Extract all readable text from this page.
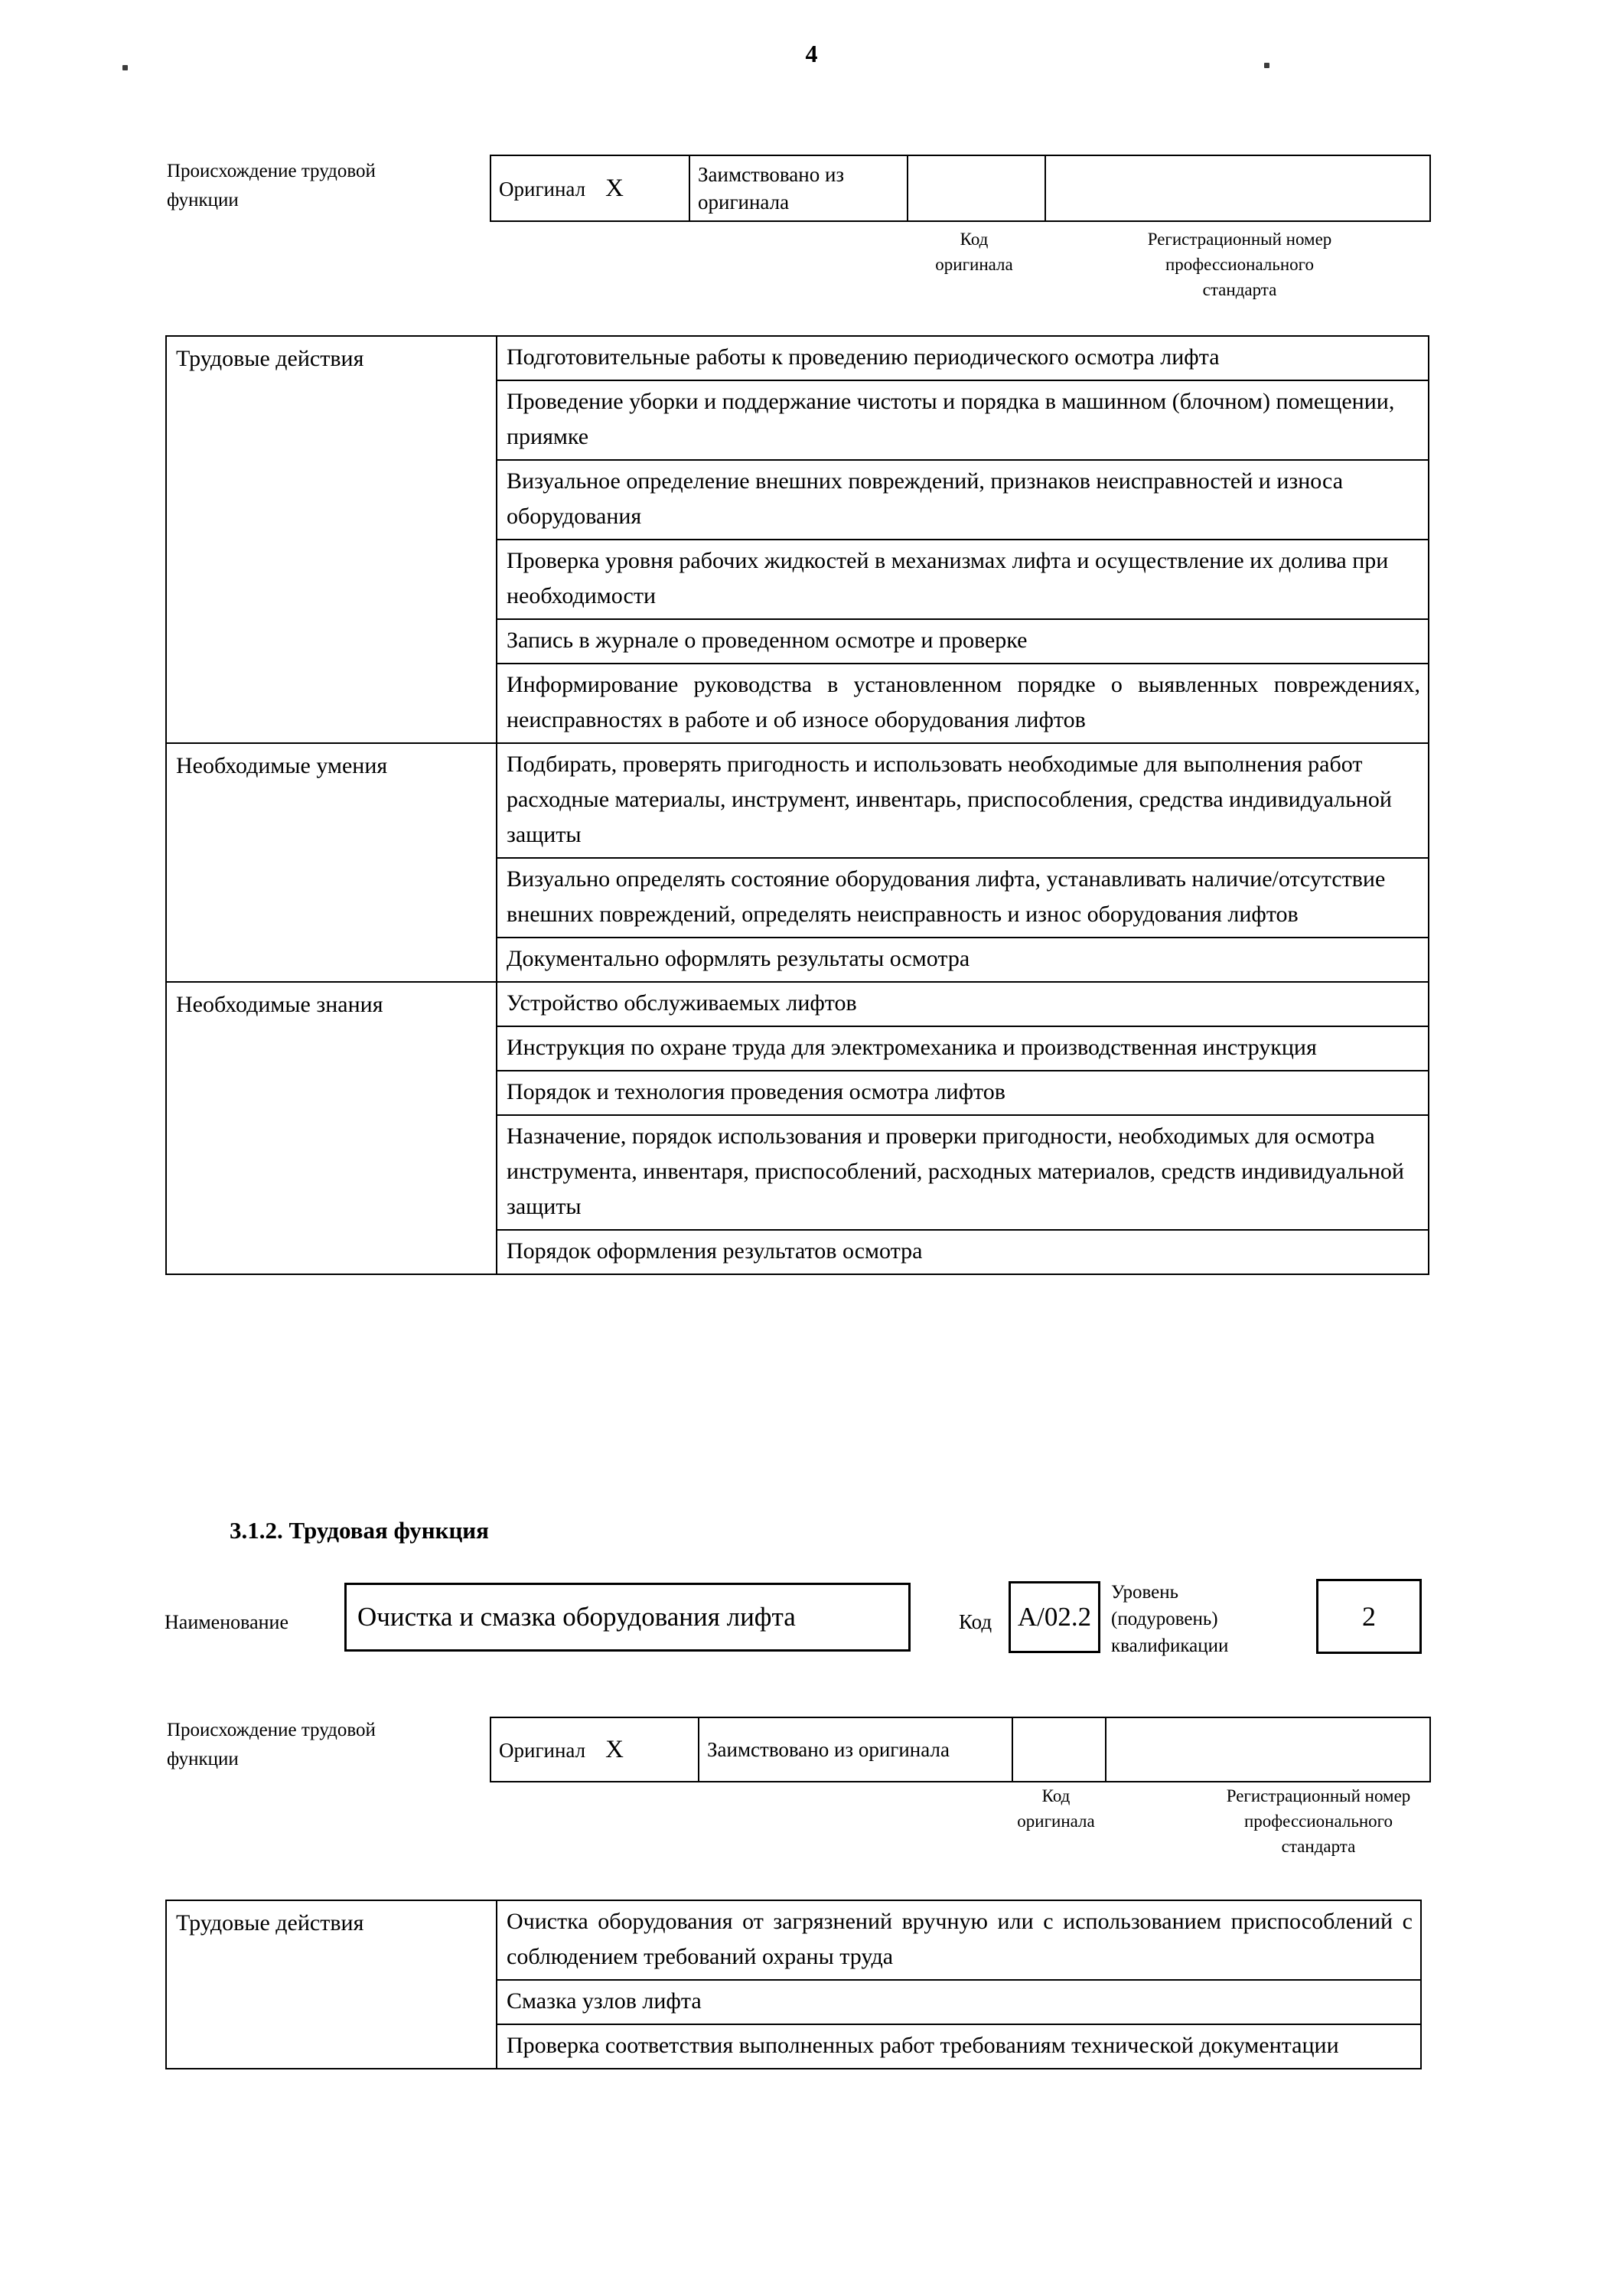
4
Происхождение трудовой
функции	Оригинал X	Заимствовано из оригинала		
Код
оригинала
Регистрационный номер
профессионального
стандарта
Трудовые действия	Подготовительные работы к проведению периодического осмотра лифта
	Проведение уборки и поддержание чистоты и порядка в машинном (блочном) помещении, приямке
	Визуальное определение внешних повреждений, признаков неисправностей и износа оборудования
	Проверка уровня рабочих жидкостей в механизмах лифта и осуществление их долива при необходимости
	Запись в журнале о проведенном осмотре и проверке
	Информирование руководства в установленном порядке о выявленных повреждениях, неисправностях в работе и об износе оборудования лифтов
Необходимые умения	Подбирать, проверять пригодность и использовать необходимые для выполнения работ расходные материалы, инструмент, инвентарь, приспособления, средства индивидуальной защиты
	Визуально определять состояние оборудования лифта, устанавливать наличие/отсутствие внешних повреждений, определять неисправность и износ оборудования лифтов
	Документально оформлять результаты осмотра
Необходимые знания	Устройство обслуживаемых лифтов
	Инструкция по охране труда для электромеханика и производственная инструкция
	Порядок и технология проведения осмотра лифтов
	Назначение, порядок использования и проверки пригодности, необходимых для осмотра инструмента, инвентаря, приспособлений, расходных материалов, средств индивидуальной защиты
	Порядок оформления результатов осмотра
3.1.2. Трудовая функция
Наименование	Очистка и смазка оборудования лифта	Код A/02.2
Уровень
(подуровень)
квалификации
2
Происхождение трудовой
функции	Оригинал X	Заимствовано из оригинала		
Код
оригинала
Регистрационный номер
профессионального
стандарта
Трудовые действия	Очистка оборудования от загрязнений вручную или с использованием приспособлений с соблюдением требований охраны труда
Смазка узлов лифта
Проверка соответствия выполненных работ требованиям технической документации
